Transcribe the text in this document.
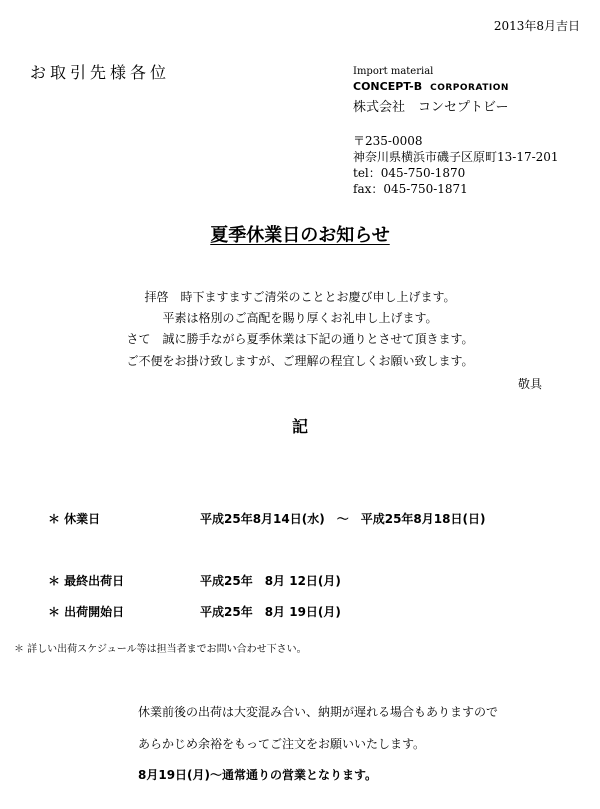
2013年8月吉日
お取引先様各位	Import material
CONCEPT-B CORPORATION
株式会社　コンセプトビー
〒235-0008
神奈川県横浜市磯子区原町13-17-201
tel：045-750-1870
fax：045-750-1871
夏季休業日のお知らせ
拝啓　時下ますますご清栄のこととお慶び申し上げます。
平素は格別のご高配を賜り厚くお礼申し上げます。
さて　誠に勝手ながら夏季休業は下記の通りとさせて頂きます。
ご不便をお掛け致しますが、ご理解の程宜しくお願い致します。
敬具
記
＊ 休業日	平成25年8月14日(水)　～　平成25年8月18日(日)
＊ 最終出荷日	平成25年　8月 12日(月)
＊ 出荷開始日	平成25年　8月 19日(月)
＊ 詳しい出荷スケジュール等は担当者までお問い合わせ下さい。
休業前後の出荷は大変混み合い、納期が遅れる場合もありますので
あらかじめ余裕をもってご注文をお願いいたします。
8月19日(月)～通常通りの営業となります。
